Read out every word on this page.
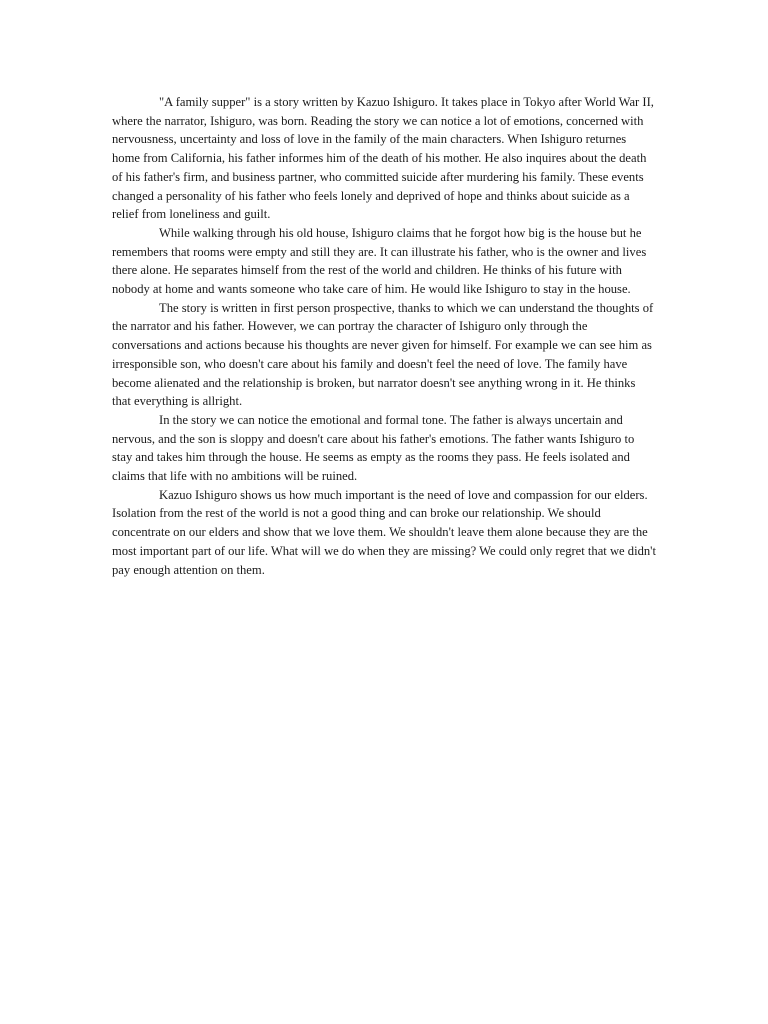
"A family supper" is a story written by Kazuo Ishiguro. It takes place in Tokyo after World War II, where the narrator, Ishiguro, was born. Reading the story we can notice a lot of emotions, concerned with nervousness, uncertainty and loss of love in the family of the main characters. When Ishiguro returnes home from California, his father informes him of the death of his mother. He also inquires about the death of his father's firm, and business partner, who committed suicide after murdering his family. These events changed a personality of his father who feels lonely and deprived of hope and thinks about suicide as a relief from loneliness and guilt.

While walking through his old house, Ishiguro claims that he forgot how big is the house but he remembers that rooms were empty and still they are. It can illustrate his father, who is the owner and lives there alone. He separates himself from the rest of the world and children. He thinks of his future with nobody at home and wants someone who take care of him. He would like Ishiguro to stay in the house.

The story is written in first person prospective, thanks to which we can understand the thoughts of the narrator and his father. However, we can portray the character of Ishiguro only through the conversations and actions because his thoughts are never given for himself. For example we can see him as irresponsible son, who doesn't care about his family and doesn't feel the need of love. The family have become alienated and the relationship is broken, but narrator doesn't see anything wrong in it. He thinks that everything is allright.

In the story we can notice the emotional and formal tone. The father is always uncertain and nervous, and the son is sloppy and doesn't care about his father's emotions. The father wants Ishiguro to stay and takes him through the house. He seems as empty as the rooms they pass. He feels isolated and claims that life with no ambitions will be ruined.

Kazuo Ishiguro shows us how much important is the need of love and compassion for our elders. Isolation from the rest of the world is not a good thing and can broke our relationship. We should concentrate on our elders and show that we love them. We shouldn't leave them alone because they are the most important part of our life. What will we do when they are missing? We could only regret that we didn't pay enough attention on them.
